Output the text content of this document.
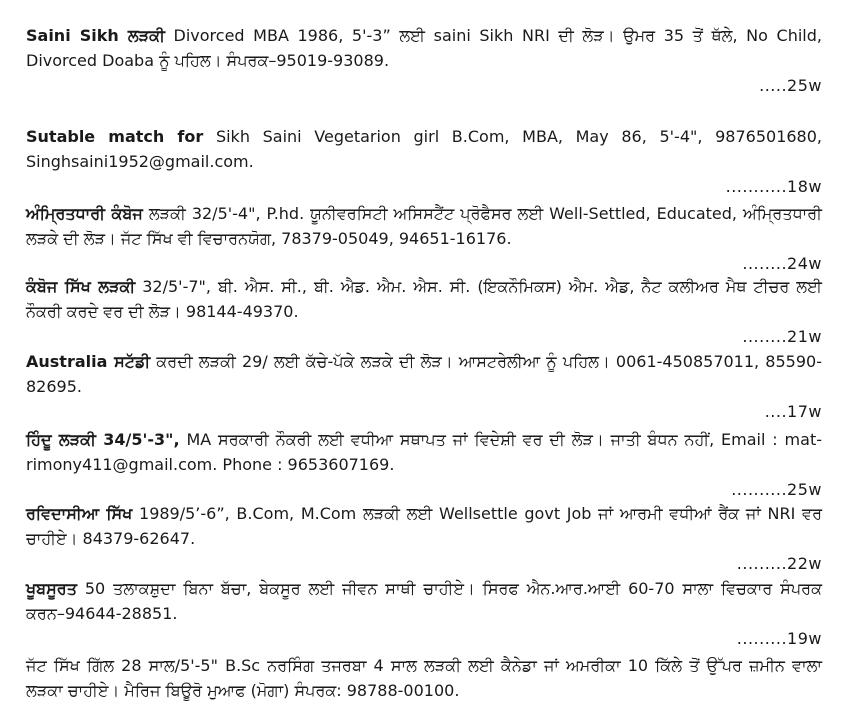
Saini Sikh ਲੜਕੀ Divorced MBA 1986, 5'-3” ਲਈ saini Sikh NRI ਦੀ ਲੋੜ। ਉਮਰ 35 ਤੋਂ ਥੱਲੇ, No Child, Divorced Doaba ਨੂੰ ਪਹਿਲ। ਸੰਪਰਕ–95019-93089.
.....25w
Sutable match for Sikh Saini Vegetarion girl B.Com, MBA, May 86, 5'-4", 9876501680, Singhsaini1952@gmail.com.
...........18w
ਅੰਮ੍ਰਿਤਧਾਰੀ ਕੰਬੋਜ ਲੜਕੀ 32/5'-4", P.hd. ਯੂਨੀਵਰਸਿਟੀ ਅਸਿਸਟੈਂਟ ਪ੍ਰੋਫੈਸਰ ਲਈ Well-Settled, Educated, ਅੰਮ੍ਰਿਤਧਾਰੀ ਲੜਕੇ ਦੀ ਲੋੜ। ਜੱਟ ਸਿੱਖ ਵੀ ਵਿਚਾਰਨਯੋਗ, 78379-05049, 94651-16176.
........24w
ਕੰਬੋਜ ਸਿੱਖ ਲੜਕੀ 32/5'-7", ਬੀ. ਐਸ. ਸੀ., ਬੀ. ਐਡ. ਐਮ. ਐਸ. ਸੀ. (ਇਕਨੌਮਿਕਸ) ਐਮ. ਐਡ, ਨੈਟ ਕਲੀਅਰ ਮੈਥ ਟੀਚਰ ਲਈ ਨੌਕਰੀ ਕਰਦੇ ਵਰ ਦੀ ਲੋੜ। 98144-49370.
........21w
Australia ਸਟੱਡੀ ਕਰਦੀ ਲੜਕੀ 29/ ਲਈ ਕੱਚੇ-ਪੱਕੇ ਲੜਕੇ ਦੀ ਲੋੜ। ਆਸਟਰੇਲੀਆ ਨੂੰ ਪਹਿਲ। 0061-450857011, 85590-82695.
....17w
ਹਿੰਦੂ ਲੜਕੀ 34/5'-3", MA ਸਰਕਾਰੀ ਨੌਕਰੀ ਲਈ ਵਧੀਆ ਸਥਾਪਤ ਜਾਂ ਵਿਦੇਸ਼ੀ ਵਰ ਦੀ ਲੋੜ। ਜਾਤੀ ਬੰਧਨ ਨਹੀਂ, Email : mat-rimony411@gmail.com. Phone : 9653607169.
..........25w
ਰਵਿਦਾਸੀਆ ਸਿੱਖ 1989/5’-6”, B.Com, M.Com ਲੜਕੀ ਲਈ Wellsettle govt Job ਜਾਂ ਆਰਮੀ ਵਧੀਆਂ ਰੈਂਕ ਜਾਂ NRI ਵਰ ਚਾਹੀਏ। 84379-62647.
.........22w
ਖੂਬਸੂਰਤ 50 ਤਲਾਕਸ਼ੁਦਾ ਬਿਨਾ ਬੱਚਾ, ਬੇਕਸੂਰ ਲਈ ਜੀਵਨ ਸਾਥੀ ਚਾਹੀਏ। ਸਿਰਫ ਐਨ.ਆਰ.ਆਈ 60-70 ਸਾਲਾ ਵਿਚਕਾਰ ਸੰਪਰਕ ਕਰਨ–94644-28851.
.........19w
ਜੱਟ ਸਿੱਖ ਗਿੱਲ 28 ਸਾਲ/5'-5" B.Sc ਨਰਸਿੰਗ ਤਜਰਬਾ 4 ਸਾਲ ਲੜਕੀ ਲਈ ਕੈਨੇਡਾ ਜਾਂ ਅਮਰੀਕਾ 10 ਕਿੱਲੇ ਤੋਂ ਉੱਪਰ ਜ਼ਮੀਨ ਵਾਲਾ ਲੜਕਾ ਚਾਹੀਏ। ਮੈਰਿਜ ਬਿਊਰੋ ਮੁਆਫ (ਮੋਗਾ) ਸੰਪਰਕ: 98788-00100.
